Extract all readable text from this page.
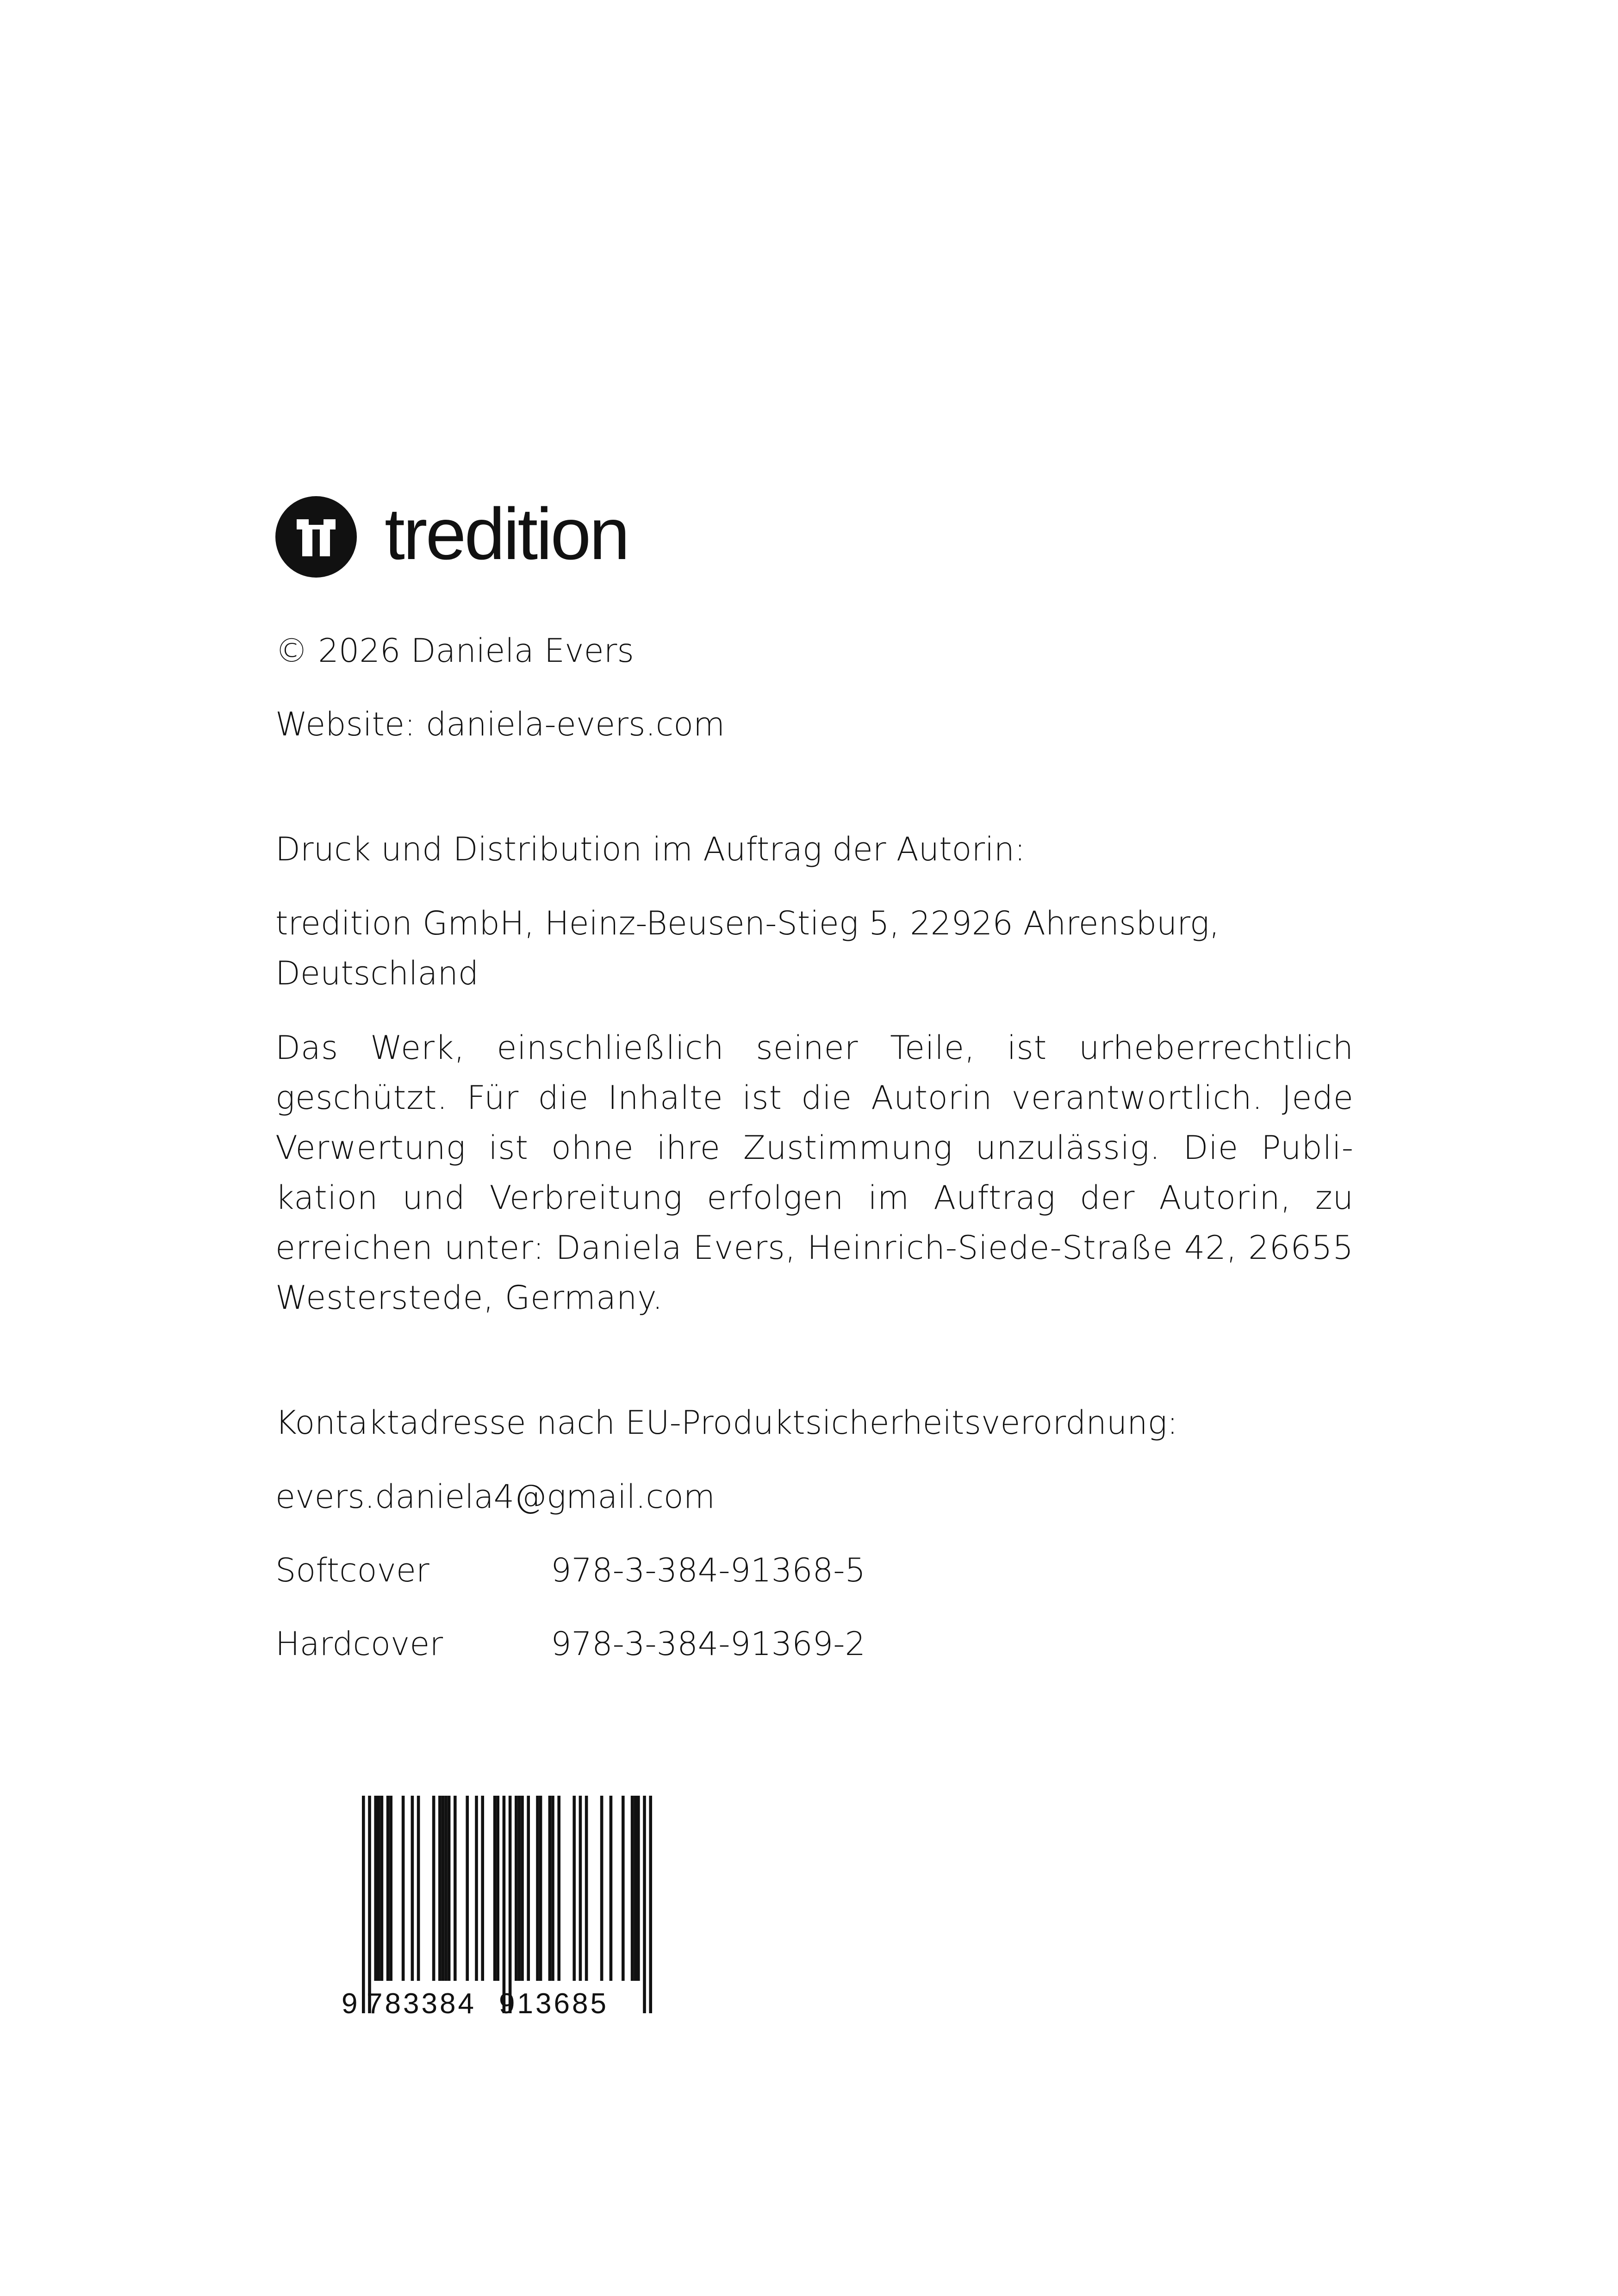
tredition

© 2026 Daniela Evers

Website: daniela-evers.com

Druck und Distribution im Auftrag der Autorin:

tredition GmbH, Heinz-Beusen-Stieg 5, 22926 Ahrensburg,

Deutschland

Das Werk, einschließlich seiner Teile, ist urheberrechtlich geschützt. Für die Inhalte ist die Autorin verantwortlich. Jede Verwertung ist ohne ihre Zustimmung unzulässig. Die Publi-kation und Verbreitung erfolgen im Auftrag der Autorin, zu erreichen unter: Daniela Evers, Heinrich-Siede-Straße 42, 26655 Westerstede, Germany.

Kontaktadresse nach EU-Produktsicherheitsverordnung:

evers.daniela4@gmail.com

Softcover	978-3-384-91368-5
Hardcover	978-3-384-91369-2
9 783384 913685
